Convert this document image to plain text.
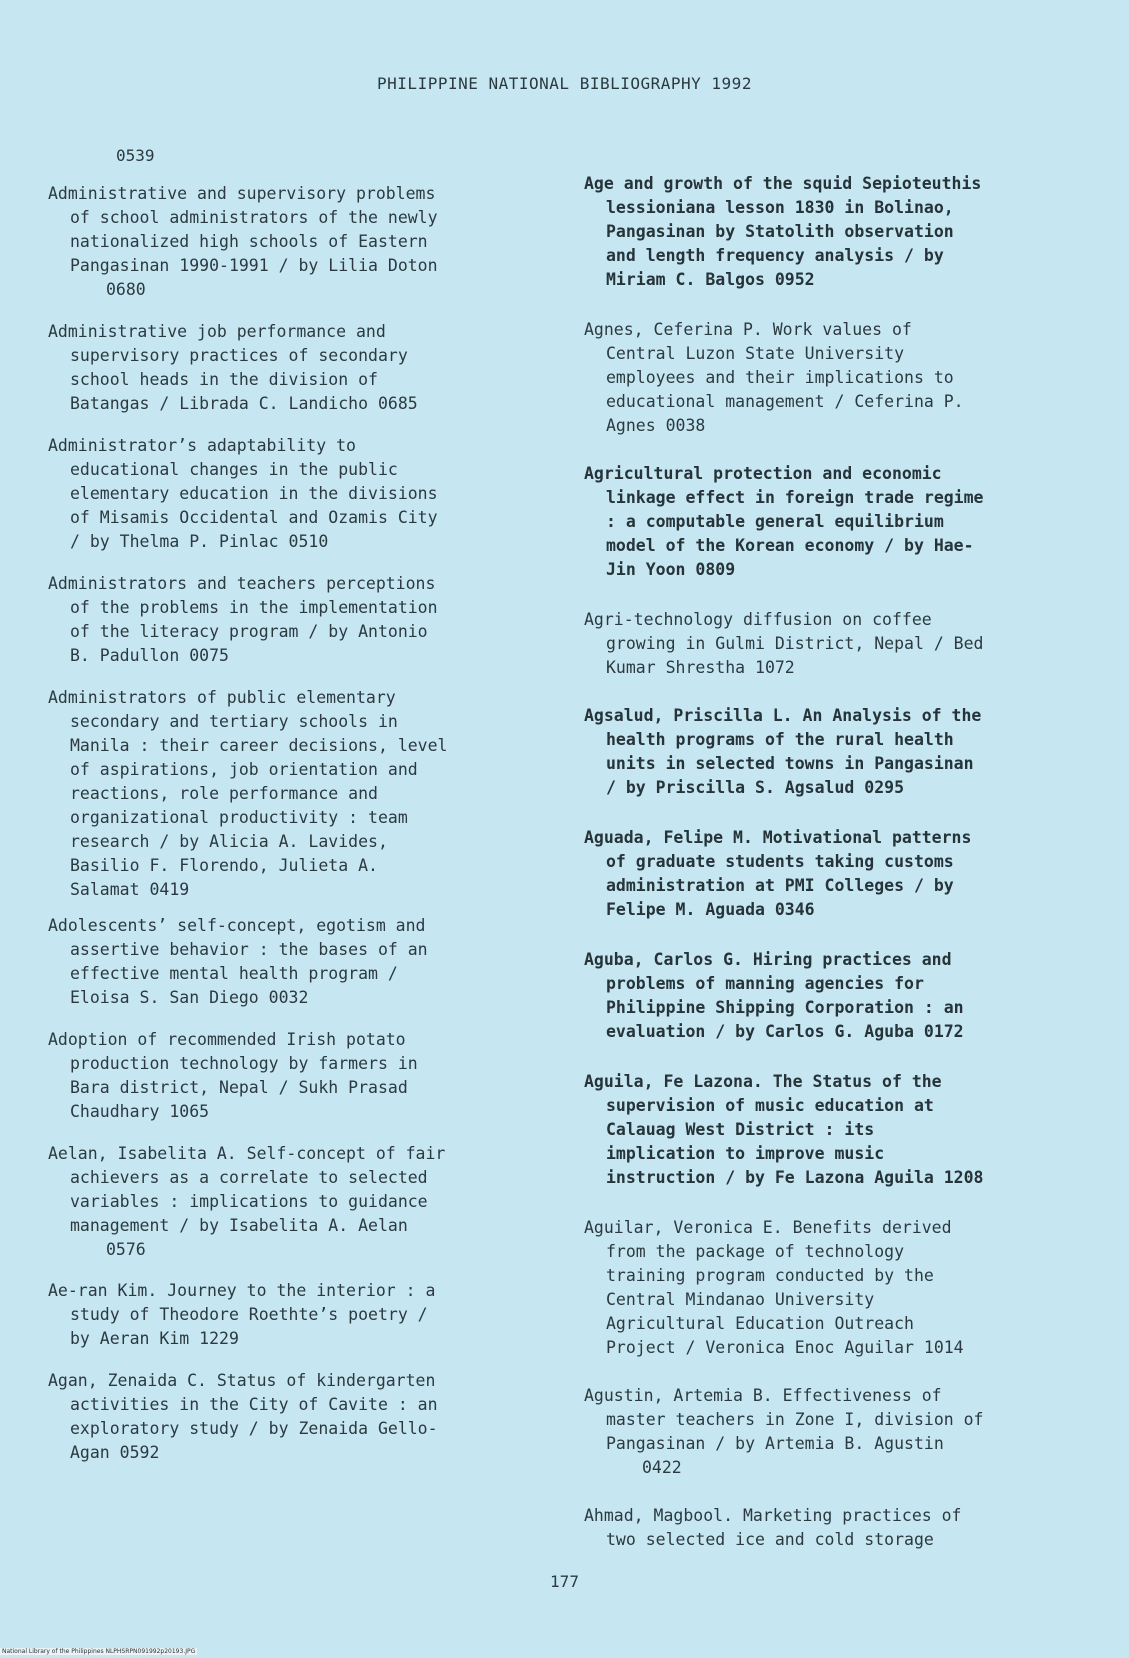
PHILIPPINE NATIONAL BIBLIOGRAPHY 1992
0539
Administrative and supervisory problems
of school administrators of the newly
nationalized high schools of Eastern
Pangasinan 1990-1991 / by Lilia Doton
0680
Administrative job performance and
supervisory practices of secondary
school heads in the division of
Batangas / Librada C. Landicho 0685
Administrator’s adaptability to
educational changes in the public
elementary education in the divisions
of Misamis Occidental and Ozamis City
/ by Thelma P. Pinlac 0510
Administrators and teachers perceptions
of the problems in the implementation
of the literacy program / by Antonio
B. Padullon 0075
Administrators of public elementary
secondary and tertiary schools in
Manila : their career decisions, level
of aspirations, job orientation and
reactions, role performance and
organizational productivity : team
research / by Alicia A. Lavides,
Basilio F. Florendo, Julieta A.
Salamat 0419
Adolescents’ self-concept, egotism and
assertive behavior : the bases of an
effective mental health program /
Eloisa S. San Diego 0032
Adoption of recommended Irish potato
production technology by farmers in
Bara district, Nepal / Sukh Prasad
Chaudhary 1065
Aelan, Isabelita A. Self-concept of fair
achievers as a correlate to selected
variables : implications to guidance
management / by Isabelita A. Aelan
0576
Ae-ran Kim. Journey to the interior : a
study of Theodore Roethte’s poetry /
by Aeran Kim 1229
Agan, Zenaida C. Status of kindergarten
activities in the City of Cavite : an
exploratory study / by Zenaida Gello-
Agan 0592
Age and growth of the squid Sepioteuthis
lessioniana lesson 1830 in Bolinao,
Pangasinan by Statolith observation
and length frequency analysis / by
Miriam C. Balgos 0952
Agnes, Ceferina P. Work values of
Central Luzon State University
employees and their implications to
educational management / Ceferina P.
Agnes 0038
Agricultural protection and economic
linkage effect in foreign trade regime
: a computable general equilibrium
model of the Korean economy / by Hae-
Jin Yoon 0809
Agri-technology diffusion on coffee
growing in Gulmi District, Nepal / Bed
Kumar Shrestha 1072
Agsalud, Priscilla L. An Analysis of the
health programs of the rural health
units in selected towns in Pangasinan
/ by Priscilla S. Agsalud 0295
Aguada, Felipe M. Motivational patterns
of graduate students taking customs
administration at PMI Colleges / by
Felipe M. Aguada 0346
Aguba, Carlos G. Hiring practices and
problems of manning agencies for
Philippine Shipping Corporation : an
evaluation / by Carlos G. Aguba 0172
Aguila, Fe Lazona. The Status of the
supervision of music education at
Calauag West District : its
implication to improve music
instruction / by Fe Lazona Aguila 1208
Aguilar, Veronica E. Benefits derived
from the package of technology
training program conducted by the
Central Mindanao University
Agricultural Education Outreach
Project / Veronica Enoc Aguilar 1014
Agustin, Artemia B. Effectiveness of
master teachers in Zone I, division of
Pangasinan / by Artemia B. Agustin
0422
Ahmad, Magbool. Marketing practices of
two selected ice and cold storage
177
National Library of the Philippines NLPHSRPN091992p20193.JPG
